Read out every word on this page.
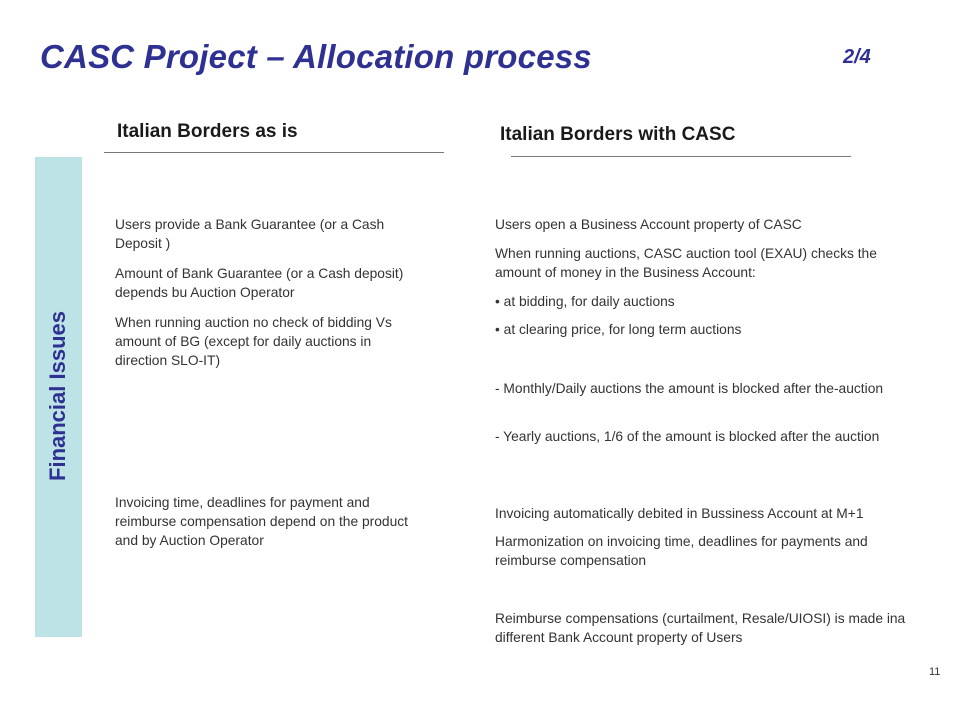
CASC Project – Allocation process	2/4
Italian Borders as is	Italian Borders with CASC
Financial Issues
Users provide a Bank Guarantee (or a Cash Deposit )
Amount of Bank Guarantee (or a Cash deposit) depends bu Auction Operator
When running auction no check of bidding Vs amount of BG (except for daily auctions in direction SLO-IT)
Invoicing time, deadlines for payment and reimburse compensation depend on the product and by Auction Operator
Users open a Business Account property of CASC
When running auctions, CASC auction tool (EXAU) checks the amount of money in the Business Account:
• at bidding, for daily auctions
• at clearing price, for long term auctions
- Monthly/Daily auctions the amount is blocked after the-auction
- Yearly auctions, 1/6 of the amount is blocked after the auction
Invoicing automatically debited in Bussiness Account at M+1
Harmonization on invoicing time, deadlines for payments and reimburse compensation
Reimburse compensations (curtailment, Resale/UIOSI) is made ina different Bank Account property of Users
11
